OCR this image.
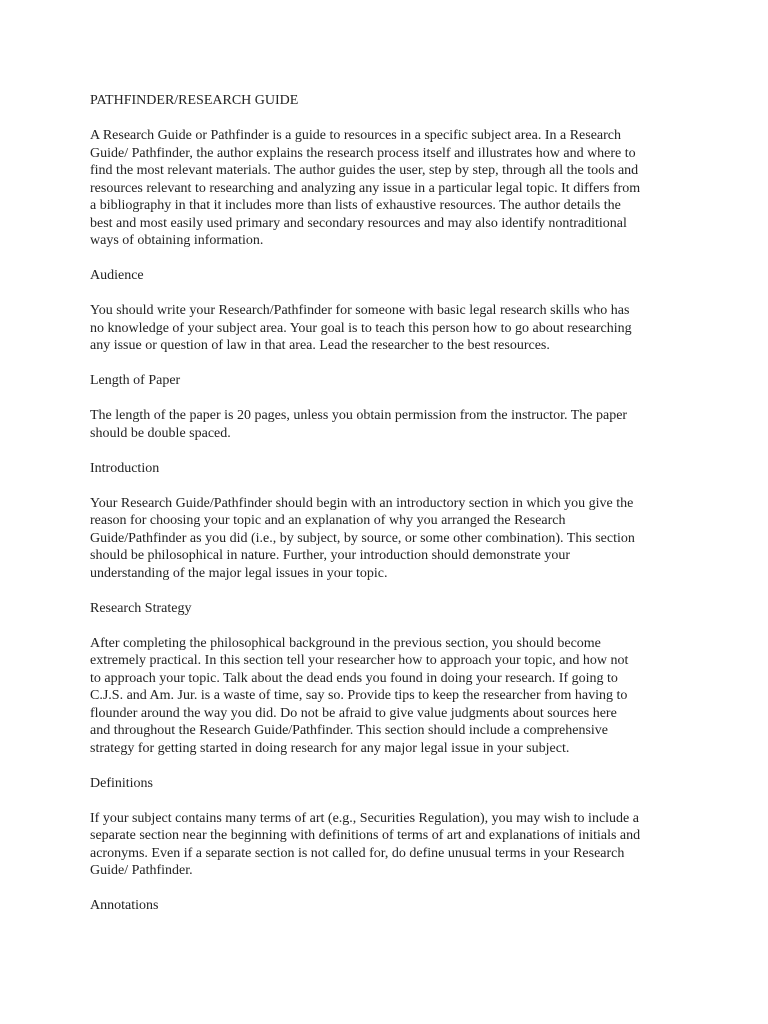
PATHFINDER/RESEARCH GUIDE
A Research Guide or Pathfinder is a guide to resources in a specific subject area. In a Research
Guide/ Pathfinder, the author explains the research process itself and illustrates how and where to
find the most relevant materials. The author guides the user, step by step, through all the tools and
resources relevant to researching and analyzing any issue in a particular legal topic. It differs from
a bibliography in that it includes more than lists of exhaustive resources. The author details the
best and most easily used primary and secondary resources and may also identify nontraditional
ways of obtaining information.
Audience
You should write your Research/Pathfinder for someone with basic legal research skills who has
no knowledge of your subject area. Your goal is to teach this person how to go about researching
any issue or question of law in that area. Lead the researcher to the best resources.
Length of Paper
The length of the paper is 20 pages, unless you obtain permission from the instructor. The paper
should be double spaced.
Introduction
Your Research Guide/Pathfinder should begin with an introductory section in which you give the
reason for choosing your topic and an explanation of why you arranged the Research
Guide/Pathfinder as you did (i.e., by subject, by source, or some other combination). This section
should be philosophical in nature. Further, your introduction should demonstrate your
understanding of the major legal issues in your topic.
Research Strategy
After completing the philosophical background in the previous section, you should become
extremely practical. In this section tell your researcher how to approach your topic, and how not
to approach your topic. Talk about the dead ends you found in doing your research. If going to
C.J.S. and Am. Jur. is a waste of time, say so. Provide tips to keep the researcher from having to
flounder around the way you did. Do not be afraid to give value judgments about sources here
and throughout the Research Guide/Pathfinder. This section should include a comprehensive
strategy for getting started in doing research for any major legal issue in your subject.
Definitions
If your subject contains many terms of art (e.g., Securities Regulation), you may wish to include a
separate section near the beginning with definitions of terms of art and explanations of initials and
acronyms. Even if a separate section is not called for, do define unusual terms in your Research
Guide/ Pathfinder.
Annotations
